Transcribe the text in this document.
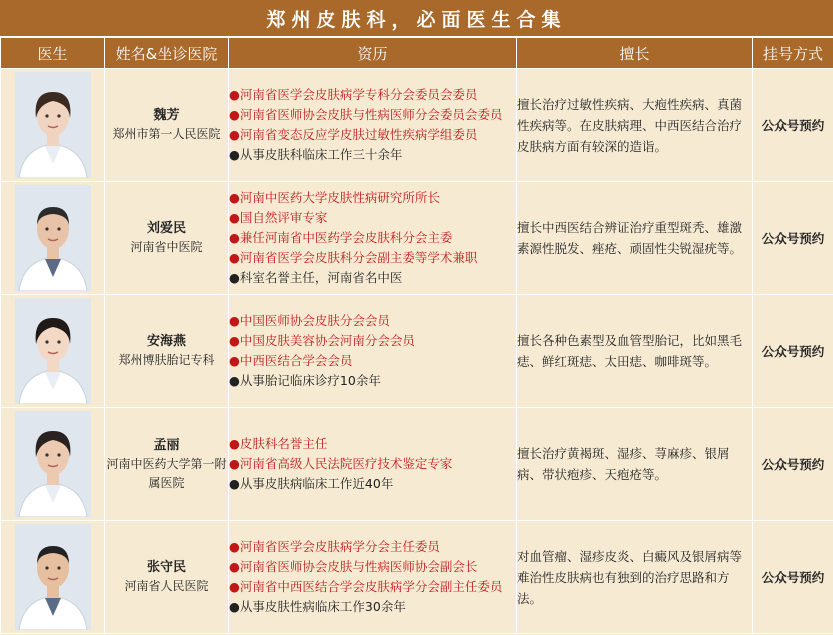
郑州皮肤科，必面医生合集
医生	姓名&坐诊医院	资历	擅长	挂号方式

魏芳
郑州市第一人民医院	●河南省医学会皮肤病学专科分会委员会委员
●河南省医师协会皮肤与性病医师分会委员会委员
●河南省变态反应学皮肤过敏性疾病学组委员
●从事皮肤科临床工作三十余年	擅长治疗过敏性疾病、大疱性疾病、真菌性疾病等。在皮肤病理、中西医结合治疗皮肤病方面有较深的造诣。	公众号预约

刘爱民
河南省中医院	●河南中医药大学皮肤性病研究所所长
●国自然评审专家
●兼任河南省中医药学会皮肤科分会主委
●河南省医学会皮肤科分会副主委等学术兼职
●科室名誉主任，河南省名中医	擅长中西医结合辨证治疗重型斑秃、雄激素源性脱发、痤疮、顽固性尖锐湿疣等。	公众号预约

安海燕
郑州博肤胎记专科	●中国医师协会皮肤分会会员
●中国皮肤美容协会河南分会会员
●中西医结合学会会员
●从事胎记临床诊疗10余年	擅长各种色素型及血管型胎记，比如黑毛痣、鲜红斑痣、太田痣、咖啡斑等。	公众号预约

孟丽
河南中医药大学第一附属医院	●皮肤科名誉主任
●河南省高级人民法院医疗技术鉴定专家
●从事皮肤病临床工作近40年	擅长治疗黄褐斑、湿疹、荨麻疹、银屑病、带状疱疹、天疱疮等。	公众号预约

张守民
河南省人民医院	●河南省医学会皮肤病学分会主任委员
●河南省医师协会皮肤与性病医师协会副会长
●河南省中西医结合学会皮肤病学分会副主任委员
●从事皮肤性病临床工作30余年	对血管瘤、湿疹皮炎、白癜风及银屑病等难治性皮肤病也有独到的治疗思路和方法。	公众号预约
